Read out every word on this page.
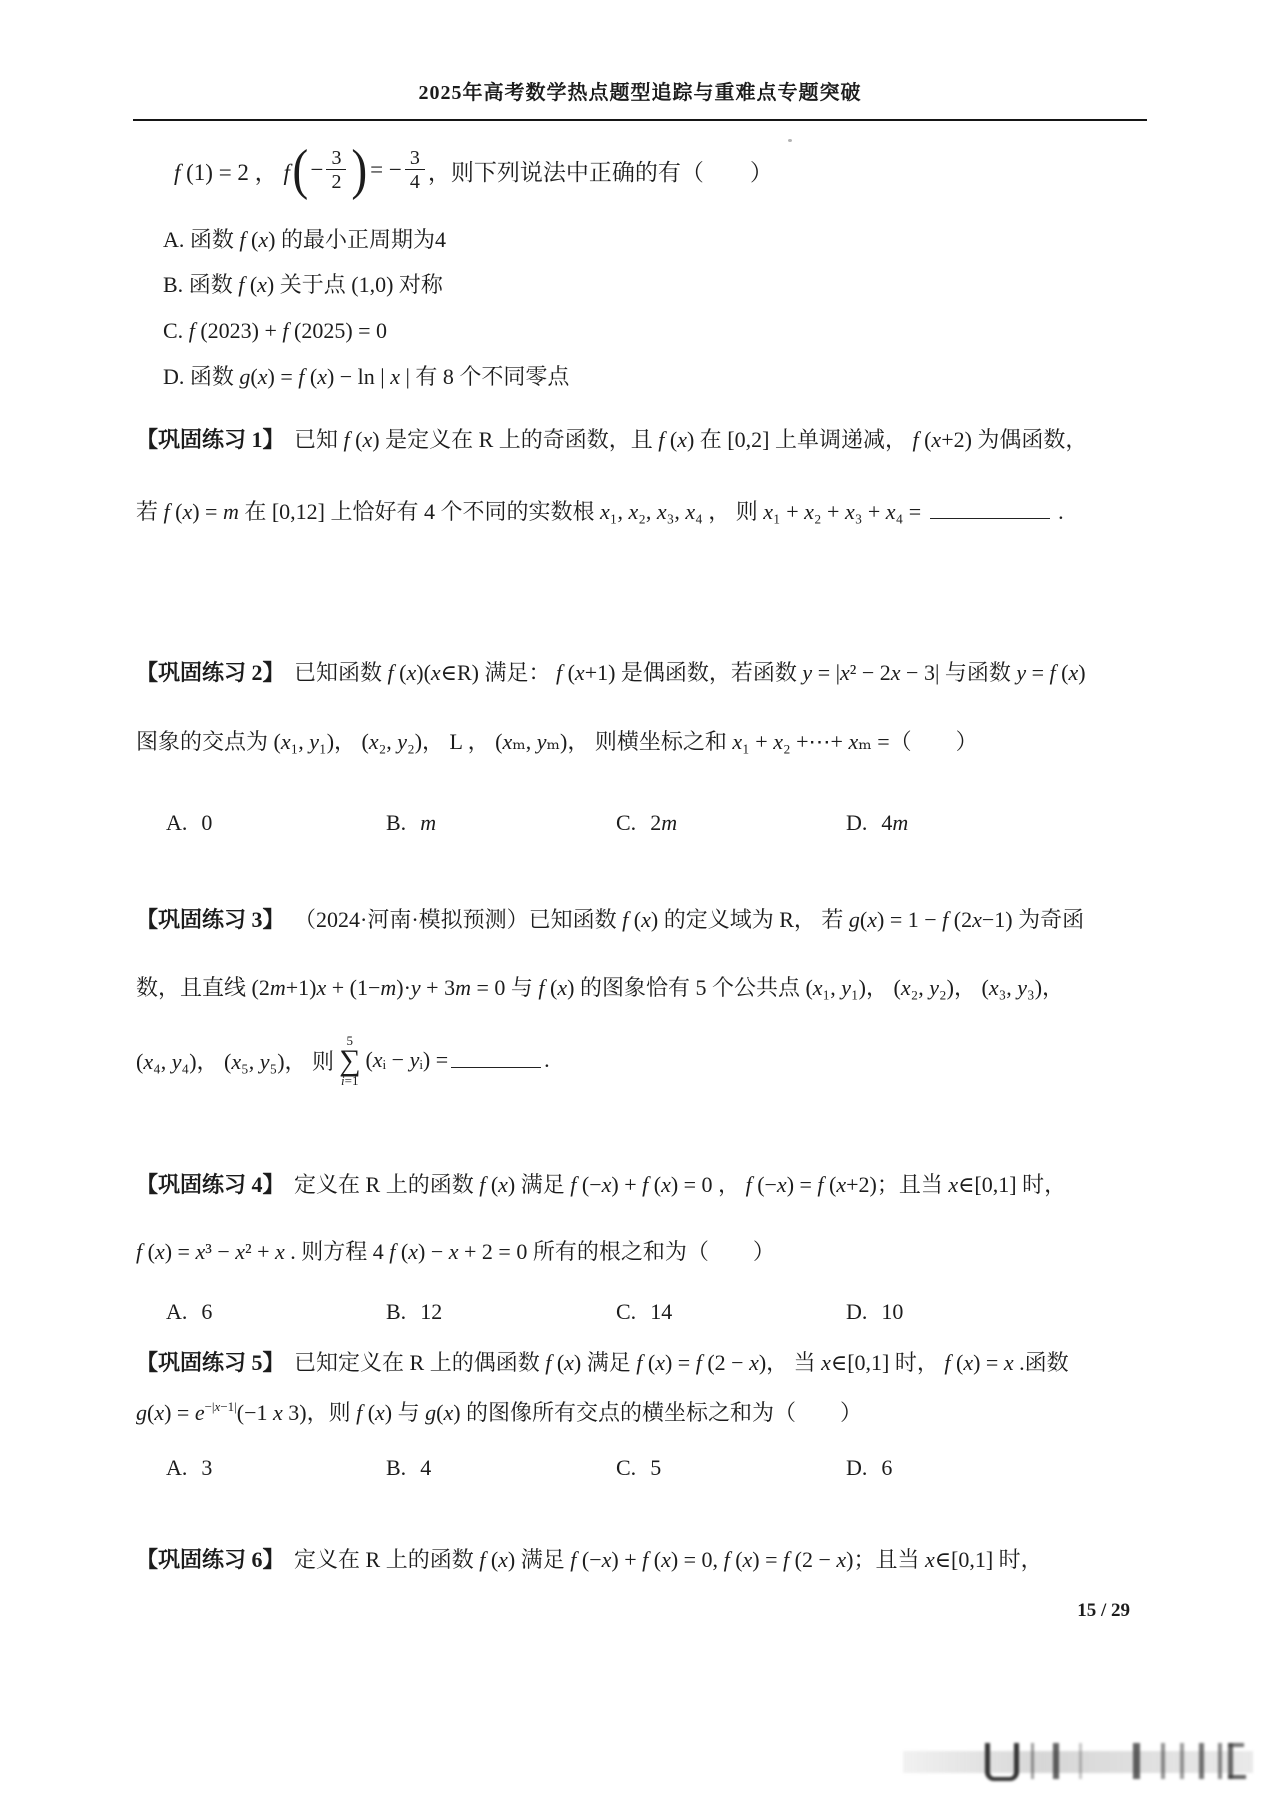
2025年高考数学热点题型追踪与重难点专题突破
f (1) = 2 ， f ( − $\frac{3}{2}$ ) = − $\frac{3}{4}$ ，则下列说法中正确的有（　　）
A. 函数 f (x) 的最小正周期为4
B. 函数 f (x) 关于点 (1,0) 对称
C. f (2023) + f (2025) = 0
D. 函数 g(x) = f (x) − ln | x | 有 8 个不同零点
【巩固练习 1】 已知 f (x) 是定义在 R 上的奇函数，且 f (x) 在 [0,2] 上单调递减， f (x+2) 为偶函数，
若 f (x) = m 在 [0,12] 上恰好有 4 个不同的实数根 x₁, x₂, x₃, x₄ ， 则 x₁ + x₂ + x₃ + x₄ =	.
【巩固练习 2】 已知函数 f (x)(x∈R) 满足： f (x+1) 是偶函数，若函数 y = |x² − 2x − 3| 与函数 y = f (x)
图象的交点为 (x₁, y₁)， (x₂, y₂)， L ， (xₘ, yₘ)， 则横坐标之和 x₁ + x₂ +⋯+ xₘ =（　　）
A. 0	B. m	C. 2m	D. 4m
【巩固练习 3】 （2024·河南·模拟预测）已知函数 f (x) 的定义域为 R， 若 g(x) = 1 − f (2x−1) 为奇函
数，且直线 (2m+1)x + (1−m)·y + 3m = 0 与 f (x) 的图象恰有 5 个公共点 (x₁, y₁)， (x₂, y₂)， (x₃, y₃)，
(x₄, y₄)， (x₅, y₅)， 则
5
∑
i=1
(xᵢ − yᵢ) =	.
【巩固练习 4】 定义在 R 上的函数 f (x) 满足 f (−x) + f (x) = 0 ， f (−x) = f (x+2)；且当 x∈[0,1] 时，
f (x) = x³ − x² + x . 则方程 4 f (x) − x + 2 = 0 所有的根之和为（　　）
A. 6	B. 12	C. 14	D. 10
【巩固练习 5】 已知定义在 R 上的偶函数 f (x) 满足 f (x) = f (2 − x)， 当 x∈[0,1] 时， f (x) = x .函数
$g(x) = e^{-|x-1|}(-1$ x 3)，则 f (x) 与 g(x) 的图像所有交点的横坐标之和为（　　）
A. 3	B. 4	C. 5	D. 6
【巩固练习 6】 定义在 R 上的函数 f (x) 满足 f (−x) + f (x) = 0, f (x) = f (2 − x)；且当 x∈[0,1] 时，
15 / 29
